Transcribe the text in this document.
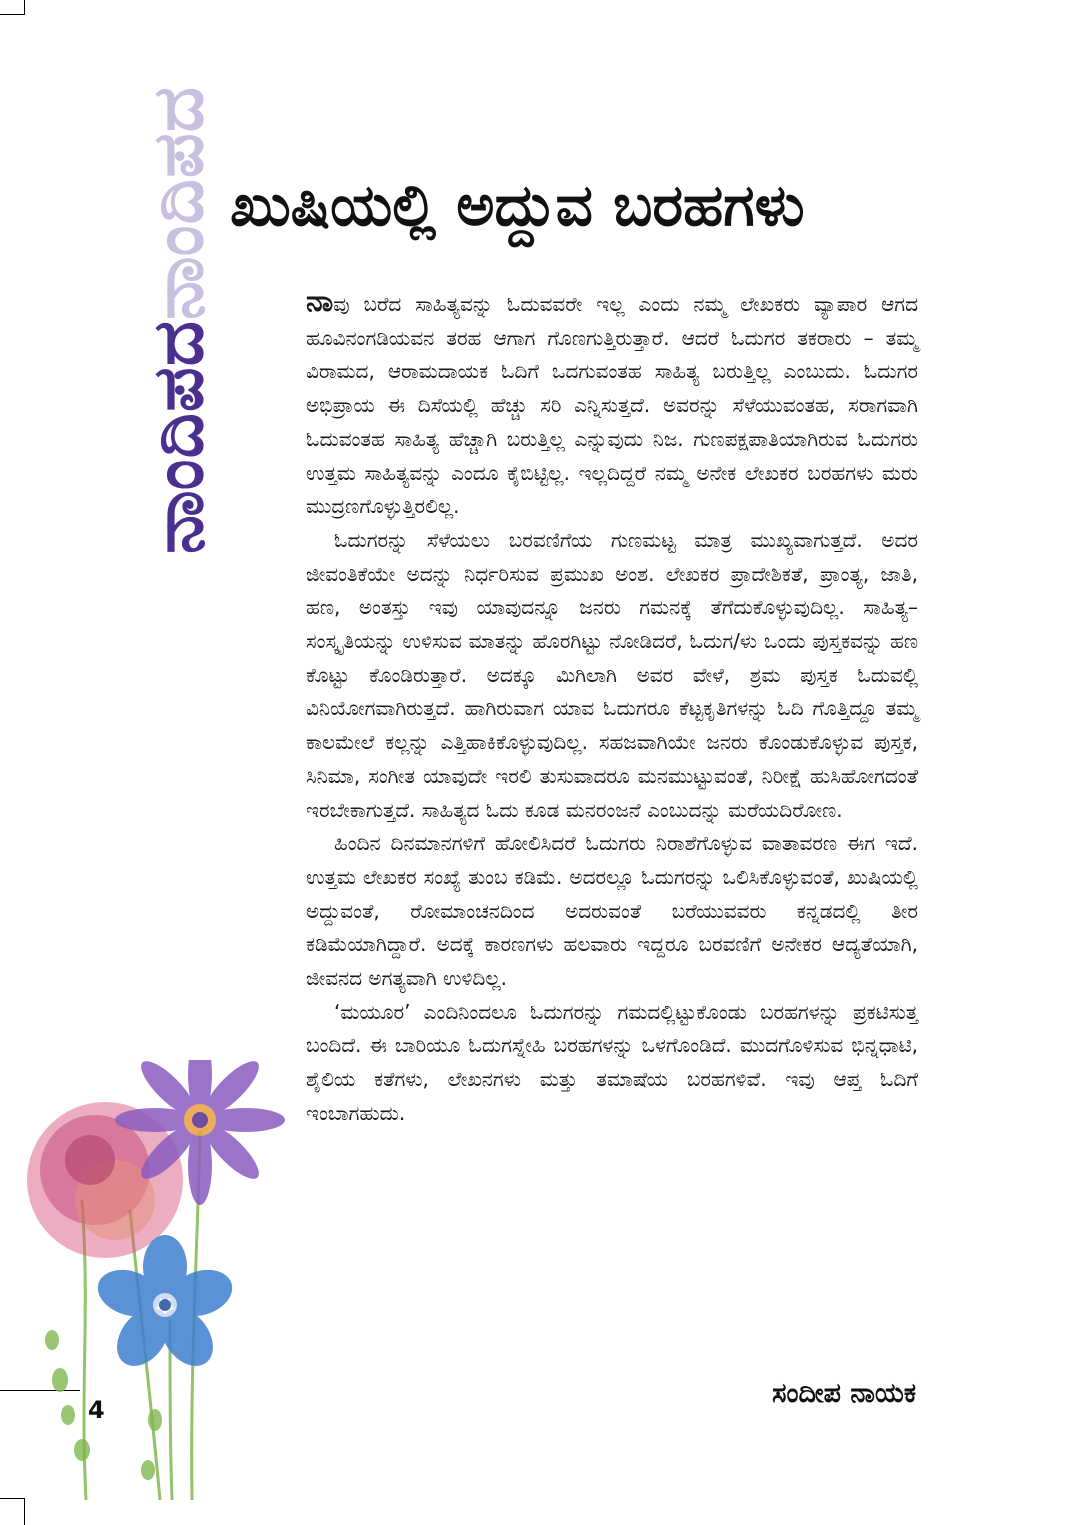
ನಾಂದಿಪದನಾಂದಿಪದ ಖುಷಿಯಲ್ಲಿ ಅದ್ದುವ ಬರಹಗಳು

ನಾವು ಬರೆದ ಸಾಹಿತ್ಯವನ್ನು ಓದುವವರೇ ಇಲ್ಲ ಎಂದು ನಮ್ಮ ಲೇಖಕರು ವ್ಯಾಪಾರ ಆಗದ ಹೂವಿನಂಗಡಿಯವನ ತರಹ ಆಗಾಗ ಗೊಣಗುತ್ತಿರುತ್ತಾರೆ. ಆದರೆ ಓದುಗರ ತಕರಾರು – ತಮ್ಮ ವಿರಾಮದ, ಆರಾಮದಾಯಕ ಓದಿಗೆ ಒದಗುವಂತಹ ಸಾಹಿತ್ಯ ಬರುತ್ತಿಲ್ಲ ಎಂಬುದು. ಓದುಗರ ಅಭಿಪ್ರಾಯ ಈ ದಿಸೆಯಲ್ಲಿ ಹೆಚ್ಚು ಸರಿ ಎನ್ನಿಸುತ್ತದೆ. ಅವರನ್ನು ಸೆಳೆಯುವಂತಹ, ಸರಾಗವಾಗಿ ಓದುವಂತಹ ಸಾಹಿತ್ಯ ಹೆಚ್ಚಾಗಿ ಬರುತ್ತಿಲ್ಲ ಎನ್ನುವುದು ನಿಜ. ಗುಣಪಕ್ಷಪಾತಿಯಾಗಿರುವ ಓದುಗರು ಉತ್ತಮ ಸಾಹಿತ್ಯವನ್ನು ಎಂದೂ ಕೈಬಿಟ್ಟಿಲ್ಲ. ಇಲ್ಲದಿದ್ದರೆ ನಮ್ಮ ಅನೇಕ ಲೇಖಕರ ಬರಹಗಳು ಮರು ಮುದ್ರಣಗೊಳ್ಳುತ್ತಿರಲಿಲ್ಲ.

ಓದುಗರನ್ನು ಸೆಳೆಯಲು ಬರವಣಿಗೆಯ ಗುಣಮಟ್ಟ ಮಾತ್ರ ಮುಖ್ಯವಾಗುತ್ತದೆ. ಅದರ ಜೀವಂತಿಕೆಯೇ ಅದನ್ನು ನಿರ್ಧರಿಸುವ ಪ್ರಮುಖ ಅಂಶ. ಲೇಖಕರ ಪ್ರಾದೇಶಿಕತೆ, ಪ್ರಾಂತ್ಯ, ಜಾತಿ, ಹಣ, ಅಂತಸ್ತು ಇವು ಯಾವುದನ್ನೂ ಜನರು ಗಮನಕ್ಕೆ ತೆಗೆದುಕೊಳ್ಳುವುದಿಲ್ಲ. ಸಾಹಿತ್ಯ–ಸಂಸ್ಕೃತಿಯನ್ನು ಉಳಿಸುವ ಮಾತನ್ನು ಹೊರಗಿಟ್ಟು ನೋಡಿದರೆ, ಓದುಗ/ಳು ಒಂದು ಪುಸ್ತಕವನ್ನು ಹಣ ಕೊಟ್ಟು ಕೊಂಡಿರುತ್ತಾರೆ. ಅದಕ್ಕೂ ಮಿಗಿಲಾಗಿ ಅವರ ವೇಳೆ, ಶ್ರಮ ಪುಸ್ತಕ ಓದುವಲ್ಲಿ ವಿನಿಯೋಗವಾಗಿರುತ್ತದೆ. ಹಾಗಿರುವಾಗ ಯಾವ ಓದುಗರೂ ಕೆಟ್ಟಕೃತಿಗಳನ್ನು ಓದಿ ಗೊತ್ತಿದ್ದೂ ತಮ್ಮ ಕಾಲಮೇಲೆ ಕಲ್ಲನ್ನು ಎತ್ತಿಹಾಕಿಕೊಳ್ಳುವುದಿಲ್ಲ. ಸಹಜವಾಗಿಯೇ ಜನರು ಕೊಂಡುಕೊಳ್ಳುವ ಪುಸ್ತಕ, ಸಿನಿಮಾ, ಸಂಗೀತ ಯಾವುದೇ ಇರಲಿ ತುಸುವಾದರೂ ಮನಮುಟ್ಟುವಂತೆ, ನಿರೀಕ್ಷೆ ಹುಸಿಹೋಗದಂತೆ ಇರಬೇಕಾಗುತ್ತದೆ. ಸಾಹಿತ್ಯದ ಓದು ಕೂಡ ಮನರಂಜನೆ ಎಂಬುದನ್ನು ಮರೆಯದಿರೋಣ.

ಹಿಂದಿನ ದಿನಮಾನಗಳಿಗೆ ಹೋಲಿಸಿದರೆ ಓದುಗರು ನಿರಾಶೆಗೊಳ್ಳುವ ವಾತಾವರಣ ಈಗ ಇದೆ. ಉತ್ತಮ ಲೇಖಕರ ಸಂಖ್ಯೆ ತುಂಬ ಕಡಿಮೆ. ಅದರಲ್ಲೂ ಓದುಗರನ್ನು ಒಲಿಸಿಕೊಳ್ಳುವಂತೆ, ಖುಷಿಯಲ್ಲಿ ಅದ್ದುವಂತೆ, ರೋಮಾಂಚನದಿಂದ ಅದರುವಂತೆ ಬರೆಯುವವರು ಕನ್ನಡದಲ್ಲಿ ತೀರ ಕಡಿಮೆಯಾಗಿದ್ದಾರೆ. ಅದಕ್ಕೆ ಕಾರಣಗಳು ಹಲವಾರು ಇದ್ದರೂ ಬರವಣಿಗೆ ಅನೇಕರ ಆದ್ಯತೆಯಾಗಿ, ಜೀವನದ ಅಗತ್ಯವಾಗಿ ಉಳಿದಿಲ್ಲ.

‘ಮಯೂರ’ ಎಂದಿನಿಂದಲೂ ಓದುಗರನ್ನು ಗಮದಲ್ಲಿಟ್ಟುಕೊಂಡು ಬರಹಗಳನ್ನು ಪ್ರಕಟಿಸುತ್ತ ಬಂದಿದೆ. ಈ ಬಾರಿಯೂ ಓದುಗಸ್ನೇಹಿ ಬರಹಗಳನ್ನು ಒಳಗೊಂಡಿದೆ. ಮುದಗೊಳಿಸುವ ಭಿನ್ನಧಾಟಿ, ಶೈಲಿಯ ಕತೆಗಳು, ಲೇಖನಗಳು ಮತ್ತು ತಮಾಷೆಯ ಬರಹಗಳಿವೆ. ಇವು ಆಪ್ತ ಓದಿಗೆ ಇಂಬಾಗಹುದು.

ಸಂದೀಪ ನಾಯಕ
4
